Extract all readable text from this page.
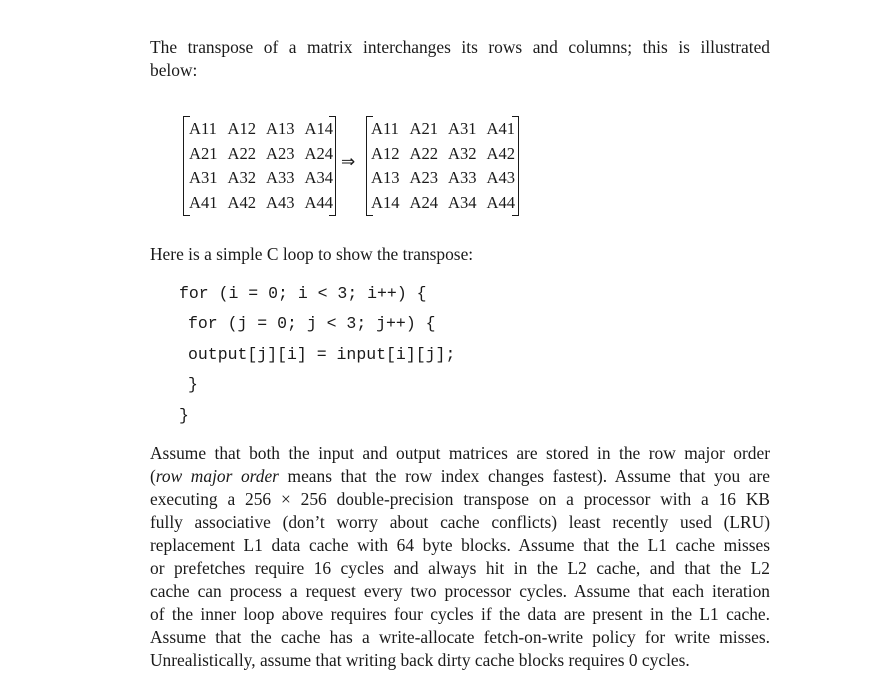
The transpose of a matrix interchanges its rows and columns; this is illustrated
below:

A11 A12 A13 A14
A21 A22 A23 A24
A31 A32 A33 A34
A41 A42 A43 A44
⇒
A11 A21 A31 A41
A12 A22 A32 A42
A13 A23 A33 A43
A14 A24 A34 A44

Here is a simple C loop to show the transpose:

for (i = 0; i < 3; i++) {
for (j = 0; j < 3; j++) {
output[j][i] = input[i][j];
}
}

Assume that both the input and output matrices are stored in the row major order
(row major order means that the row index changes fastest). Assume that you are
executing a 256 × 256 double-precision transpose on a processor with a 16 KB
fully associative (don’t worry about cache conflicts) least recently used (LRU)
replacement L1 data cache with 64 byte blocks. Assume that the L1 cache misses
or prefetches require 16 cycles and always hit in the L2 cache, and that the L2
cache can process a request every two processor cycles. Assume that each iteration
of the inner loop above requires four cycles if the data are present in the L1 cache.
Assume that the cache has a write-allocate fetch-on-write policy for write misses.
Unrealistically, assume that writing back dirty cache blocks requires 0 cycles.
